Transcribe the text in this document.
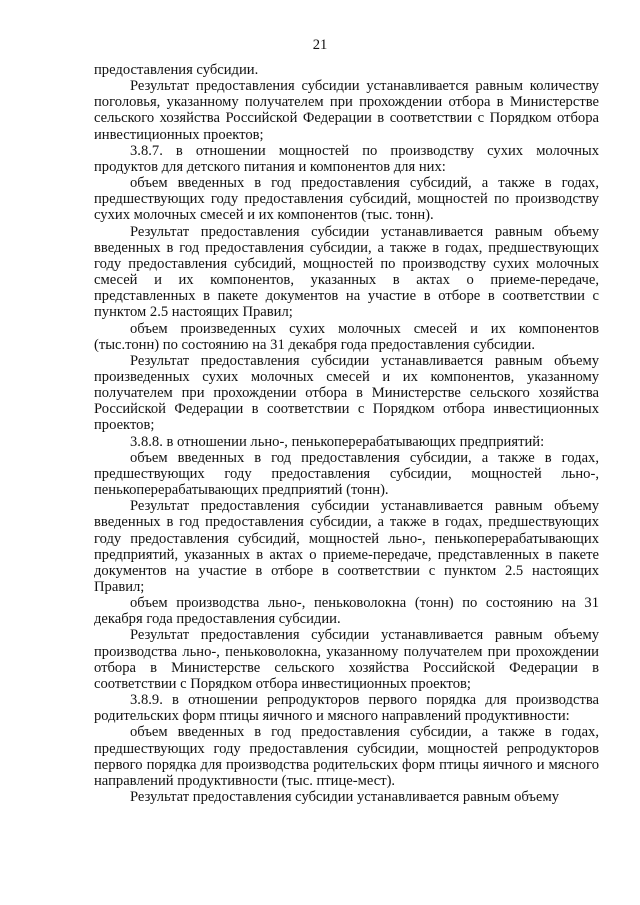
21

предоставления субсидии.

Результат предоставления субсидии устанавливается равным количеству поголовья, указанному получателем при прохождении отбора в Министерстве сельского хозяйства Российской Федерации в соответствии с Порядком отбора инвестиционных проектов;

3.8.7. в отношении мощностей по производству сухих молочных продуктов для детского питания и компонентов для них:

объем введенных в год предоставления субсидий, а также в годах, предшествующих году предоставления субсидий, мощностей по производству сухих молочных смесей и их компонентов (тыс. тонн).

Результат предоставления субсидии устанавливается равным объему введенных в год предоставления субсидии, а также в годах, предшествующих году предоставления субсидий, мощностей по производству сухих молочных смесей и их компонентов, указанных в актах о приеме-передаче, представленных в пакете документов на участие в отборе в соответствии с пунктом 2.5 настоящих Правил;

объем произведенных сухих молочных смесей и их компонентов (тыс.тонн) по состоянию на 31 декабря года предоставления субсидии.

Результат предоставления субсидии устанавливается равным объему произведенных сухих молочных смесей и их компонентов, указанному получателем при прохождении отбора в Министерстве сельского хозяйства Российской Федерации в соответствии с Порядком отбора инвестиционных проектов;

3.8.8. в отношении льно-, пенькоперерабатывающих предприятий:

объем введенных в год предоставления субсидии, а также в годах, предшествующих году предоставления субсидии, мощностей льно-, пенькоперерабатывающих предприятий (тонн).

Результат предоставления субсидии устанавливается равным объему введенных в год предоставления субсидии, а также в годах, предшествующих году предоставления субсидий, мощностей льно-, пенькоперерабатывающих предприятий, указанных в актах о приеме-передаче, представленных в пакете документов на участие в отборе в соответствии с пунктом 2.5 настоящих Правил;

объем производства льно-, пеньковолокна (тонн) по состоянию на 31 декабря года предоставления субсидии.

Результат предоставления субсидии устанавливается равным объему производства льно-, пеньковолокна, указанному получателем при прохождении отбора в Министерстве сельского хозяйства Российской Федерации в соответствии с Порядком отбора инвестиционных проектов;

3.8.9. в отношении репродукторов первого порядка для производства родительских форм птицы яичного и мясного направлений продуктивности:

объем введенных в год предоставления субсидии, а также в годах, предшествующих году предоставления субсидии, мощностей репродукторов первого порядка для производства родительских форм птицы яичного и мясного направлений продуктивности (тыс. птице-мест).

Результат предоставления субсидии устанавливается равным объему
